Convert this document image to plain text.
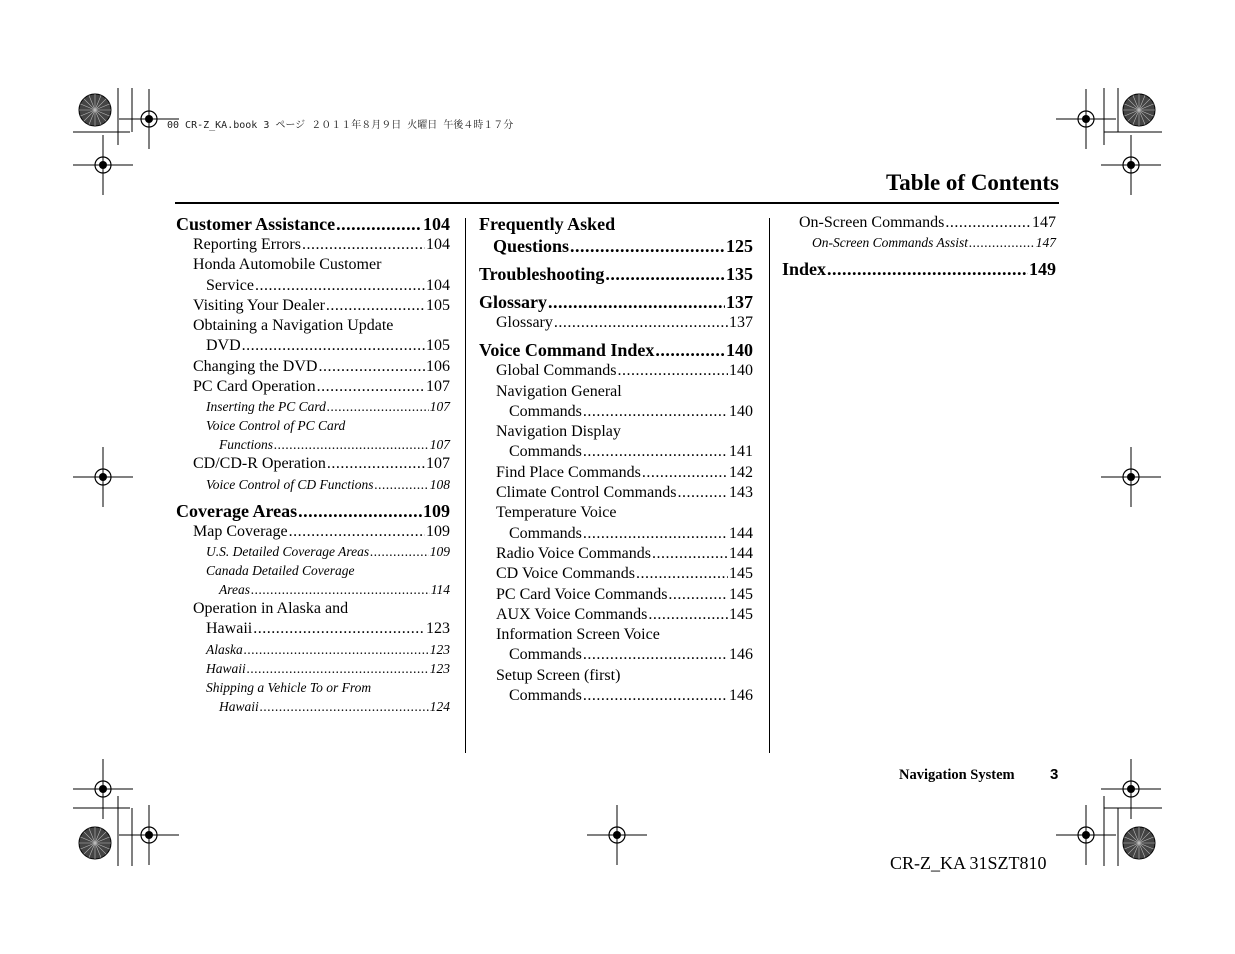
00 CR-Z_KA.book 3 ページ ２０１１年８月９日 火曜日 午後４時１７分
Table of Contents
Customer Assistance .....	104
Reporting Errors .....	104
Honda Automobile Customer
Service .....	104
Visiting Your Dealer .....	105
Obtaining a Navigation Update
DVD .....	105
Changing the DVD .....	106
PC Card Operation .....	107
Inserting the PC Card .....	107
Voice Control of PC Card
Functions .....	107
CD/CD-R Operation .....	107
Voice Control of CD Functions .....	108
Coverage Areas .....	109
Map Coverage .....	109
U.S. Detailed Coverage Areas .....	109
Canada Detailed Coverage
Areas .....	114
Operation in Alaska and
Hawaii .....	123
Alaska .....	123
Hawaii .....	123
Shipping a Vehicle To or From
Hawaii .....	124
Frequently Asked
Questions .....	125
Troubleshooting .....	135
Glossary .....	137
Glossary .....	137
Voice Command Index .....	140
Global Commands .....	140
Navigation General
Commands .....	140
Navigation Display
Commands .....	141
Find Place Commands .....	142
Climate Control Commands .....	143
Temperature Voice
Commands .....	144
Radio Voice Commands .....	144
CD Voice Commands .....	145
PC Card Voice Commands .....	145
AUX Voice Commands .....	145
Information Screen Voice
Commands .....	146
Setup Screen (first)
Commands .....	146
On-Screen Commands .....	147
On-Screen Commands Assist .....	147
Index .....	149
Navigation System 3
CR-Z_KA 31SZT810
